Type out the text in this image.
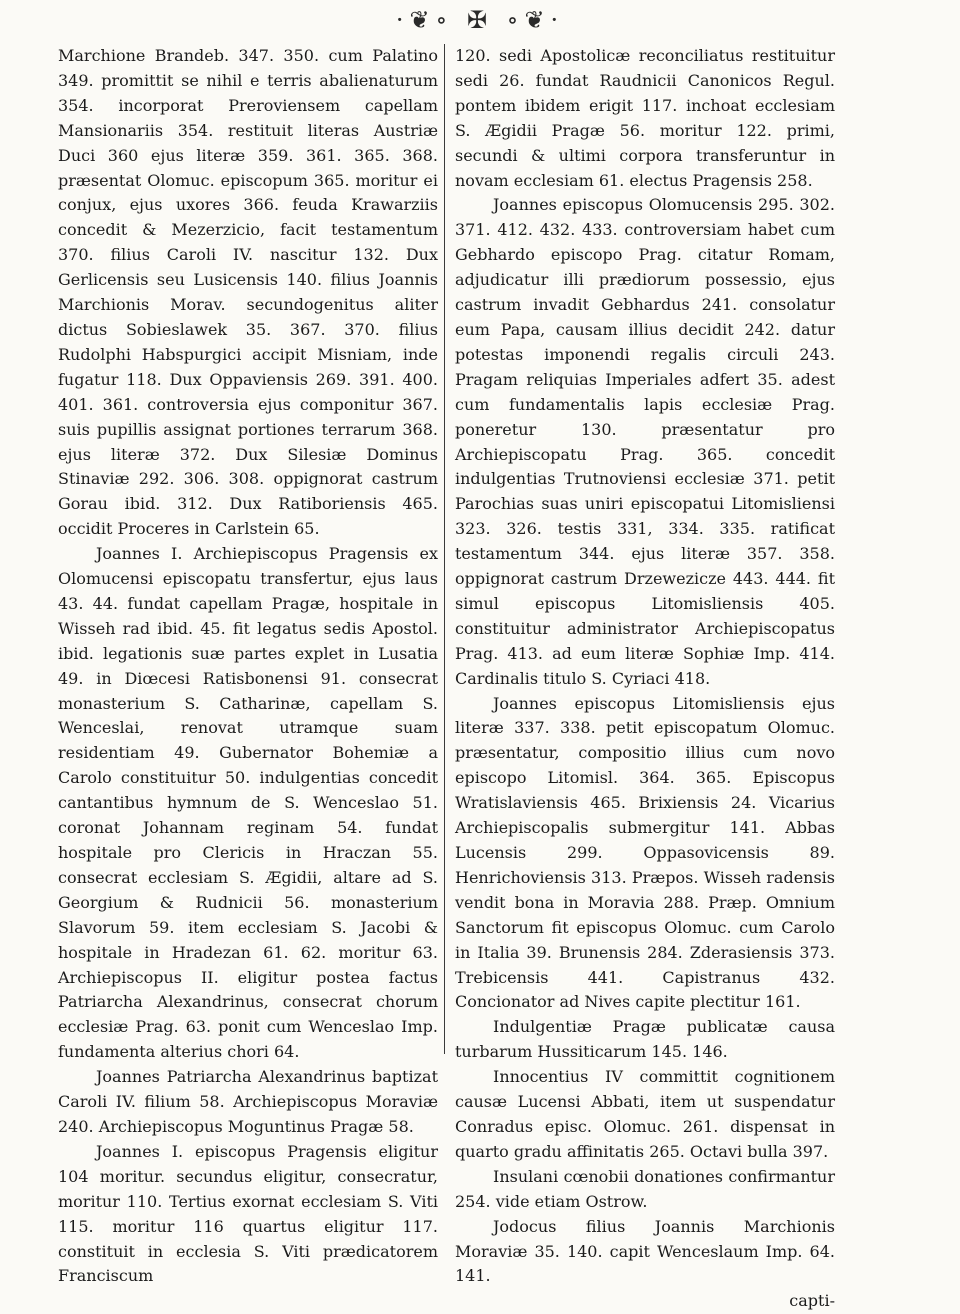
·❦∘ ✠ ∘❦·

Marchione Brandeb. 347. 350. cum Palatino 349. promittit se nihil e terris abalienaturum 354. incorporat Preroviensem capellam Mansionariis 354. restituit literas Austriæ Duci 360 ejus literæ 359. 361. 365. 368. præsentat Olomuc. episcopum 365. moritur ei conjux, ejus uxores 366. feuda Krawarziis concedit & Mezerzicio, facit testamentum 370. filius Caroli IV. nascitur 132. Dux Gerlicensis seu Lusicensis 140. filius Joannis Marchionis Morav. secundogenitus aliter dictus Sobieslawek 35. 367. 370. filius Rudolphi Habspurgici accipit Misniam, inde fugatur 118. Dux Oppaviensis 269. 391. 400. 401. 361. controversia ejus componitur 367. suis pupillis assignat portiones terrarum 368. ejus literæ 372. Dux Silesiæ Dominus Stinaviæ 292. 306. 308. oppignorat castrum Gorau ibid. 312. Dux Ratiboriensis 465. occidit Proceres in Carlstein 65.

Joannes I. Archiepiscopus Pragensis ex Olomucensi episcopatu transfertur, ejus laus 43. 44. fundat capellam Pragæ, hospitale in Wisseh rad ibid. 45. fit legatus sedis Apostol. ibid. legationis suæ partes explet in Lusatia 49. in Diœcesi Ratisbonensi 91. consecrat monasterium S. Catharinæ, capellam S. Wenceslai, renovat utramque suam residentiam 49. Gubernator Bohemiæ a Carolo constituitur 50. indulgentias concedit cantantibus hymnum de S. Wenceslao 51. coronat Johannam reginam 54. fundat hospitale pro Clericis in Hraczan 55. consecrat ecclesiam S. Ægidii, altare ad S. Georgium & Rudnicii 56. monasterium Slavorum 59. item ecclesiam S. Jacobi & hospitale in Hradezan 61. 62. moritur 63. Archiepiscopus II. eligitur postea factus Patriarcha Alexandrinus, consecrat chorum ecclesiæ Prag. 63. ponit cum Wenceslao Imp. fundamenta alterius chori 64.

Joannes Patriarcha Alexandrinus baptizat Caroli IV. filium 58. Archiepiscopus Moraviæ 240. Archiepiscopus Moguntinus Pragæ 58.

Joannes I. episcopus Pragensis eligitur 104 moritur. secundus eligitur, consecratur, moritur 110. Tertius exornat ecclesiam S. Viti 115. moritur 116 quartus eligitur 117. constituit in ecclesia S. Viti prædicatorem Franciscum

120. sedi Apostolicæ reconciliatus restituitur sedi 26. fundat Raudnicii Canonicos Regul. pontem ibidem erigit 117. inchoat ecclesiam S. Ægidii Pragæ 56. moritur 122. primi, secundi & ultimi corpora transferuntur in novam ecclesiam 61. electus Pragensis 258.

Joannes episcopus Olomucensis 295. 302. 371. 412. 432. 433. controversiam habet cum Gebhardo episcopo Prag. citatur Romam, adjudicatur illi prædiorum possessio, ejus castrum invadit Gebhardus 241. consolatur eum Papa, causam illius decidit 242. datur potestas imponendi regalis circuli 243. Pragam reliquias Imperiales adfert 35. adest cum fundamentalis lapis ecclesiæ Prag. poneretur 130. præsentatur pro Archiepiscopatu Prag. 365. concedit indulgentias Trutnoviensi ecclesiæ 371. petit Parochias suas uniri episcopatui Litomisliensi 323. 326. testis 331, 334. 335. ratificat testamentum 344. ejus literæ 357. 358. oppignorat castrum Drzewezicze 443. 444. fit simul episcopus Litomisliensis 405. constituitur administrator Archiepiscopatus Prag. 413. ad eum literæ Sophiæ Imp. 414. Cardinalis titulo S. Cyriaci 418.

Joannes episcopus Litomisliensis ejus literæ 337. 338. petit episcopatum Olomuc. præsentatur, compositio illius cum novo episcopo Litomisl. 364. 365. Episcopus Wratislaviensis 465. Brixiensis 24. Vicarius Archiepiscopalis submergitur 141. Abbas Lucensis 299. Oppasovicensis 89. Henrichoviensis 313. Præpos. Wisseh radensis vendit bona in Moravia 288. Præp. Omnium Sanctorum fit episcopus Olomuc. cum Carolo in Italia 39. Brunensis 284. Zderasiensis 373. Trebicensis 441. Capistranus 432. Concionator ad Nives capite plectitur 161.

Indulgentiæ Pragæ publicatæ causa turbarum Hussiticarum 145. 146.

Innocentius IV committit cognitionem causæ Lucensi Abbati, item ut suspendatur Conradus episc. Olomuc. 261. dispensat in quarto gradu affinitatis 265. Octavi bulla 397.

Insulani cœnobii donationes confirmantur 254. vide etiam Ostrow.

Jodocus filius Joannis Marchionis Moraviæ 35. 140. capit Wenceslaum Imp. 64. 141.

capti-
